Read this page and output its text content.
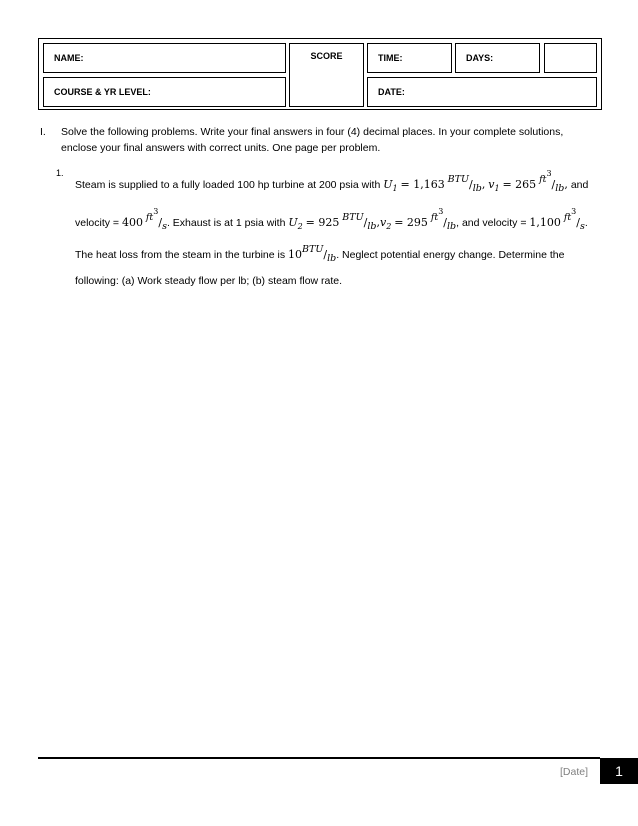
NAME:	SCORE	TIME:	DAYS:
COURSE & YR LEVEL:	DATE:
I.	Solve the following problems. Write your final answers in four (4) decimal places. In your complete solutions, enclose your final answers with correct units. One page per problem.
1.
Steam is supplied to a fully loaded 100 hp turbine at 200 psia with $U_1 = 1,163$ BTU/lb, $v_1 = 265$ $ft^3/lb$, and velocity = 400 $ft^3/s$. Exhaust is at 1 psia with $U_2 = 925$ BTU/$lb,v_2 = 295$ $ft^3/lb$, and velocity = 1,100 $ft^3/s$. The heat loss from the steam in the turbine is 10BTU/lb. Neglect potential energy change. Determine the following: (a) Work steady flow per lb; (b) steam flow rate.
[Date]	1
